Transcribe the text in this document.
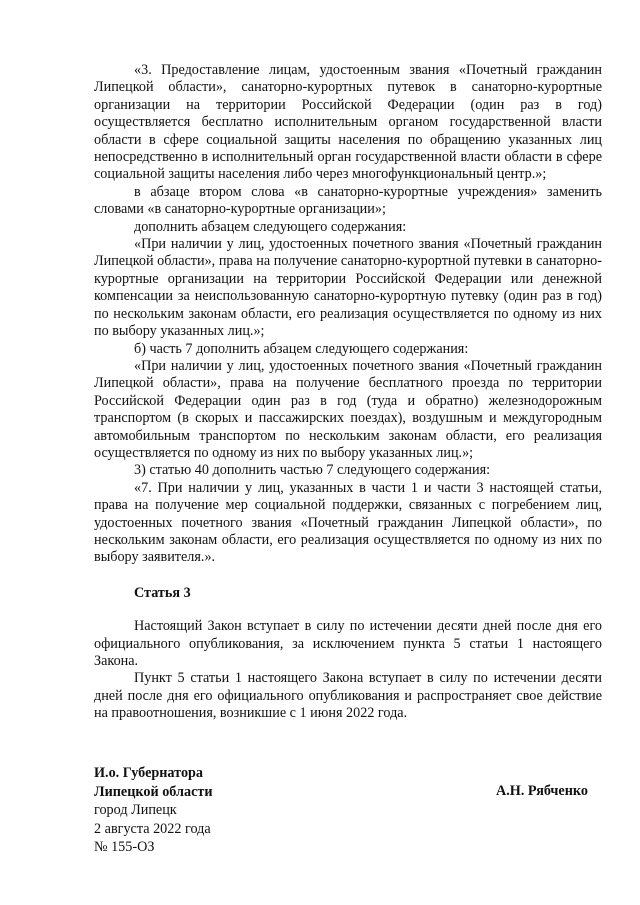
«3. Предоставление лицам, удостоенным звания «Почетный гражданин Липецкой области», санаторно-курортных путевок в санаторно-курортные организации на территории Российской Федерации (один раз в год) осуществляется бесплатно исполнительным органом государственной власти области в сфере социальной защиты населения по обращению указанных лиц непосредственно в исполнительный орган государственной власти области в сфере социальной защиты населения либо через многофункциональный центр.»;

в абзаце втором слова «в санаторно-курортные учреждения» заменить словами «в санаторно-курортные организации»;

дополнить абзацем следующего содержания:

«При наличии у лиц, удостоенных почетного звания «Почетный гражданин Липецкой области», права на получение санаторно-курортной путевки в санаторно-курортные организации на территории Российской Федерации или денежной компенсации за неиспользованную санаторно-курортную путевку (один раз в год) по нескольким законам области, его реализация осуществляется по одному из них по выбору указанных лиц.»;

б) часть 7 дополнить абзацем следующего содержания:

«При наличии у лиц, удостоенных почетного звания «Почетный гражданин Липецкой области», права на получение бесплатного проезда по территории Российской Федерации один раз в год (туда и обратно) железнодорожным транспортом (в скорых и пассажирских поездах), воздушным и междугородным автомобильным транспортом по нескольким законам области, его реализация осуществляется по одному из них по выбору указанных лиц.»;

3) статью 40 дополнить частью 7 следующего содержания:

«7. При наличии у лиц, указанных в части 1 и части 3 настоящей статьи, права на получение мер социальной поддержки, связанных с погребением лиц, удостоенных почетного звания «Почетный гражданин Липецкой области», по нескольким законам области, его реализация осуществляется по одному из них по выбору заявителя.».

Статья 3

Настоящий Закон вступает в силу по истечении десяти дней после дня его официального опубликования, за исключением пункта 5 статьи 1 настоящего Закона.

Пункт 5 статьи 1 настоящего Закона вступает в силу по истечении десяти дней после дня его официального опубликования и распространяет свое действие на правоотношения, возникшие с 1 июня 2022 года.

И.о. Губернатора

Липецкой области

город Липецк

2 августа 2022 года

№ 155-ОЗ

А.Н. Рябченко
